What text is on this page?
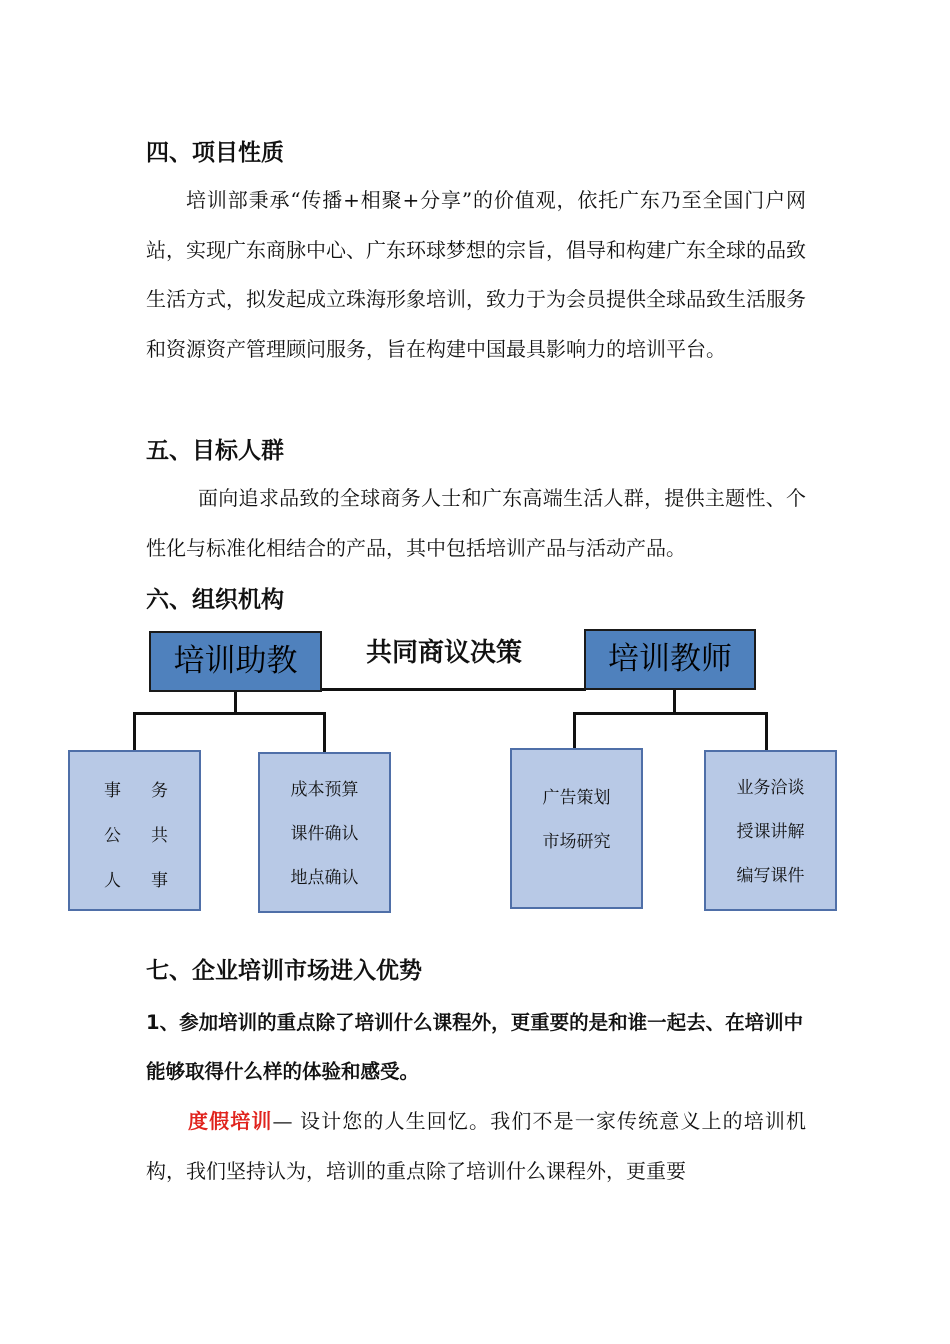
四、项目性质

培训部秉承“传播+相聚+分享”的价值观，依托广东乃至全国门户网站，实现广东商脉中心、广东环球梦想的宗旨，倡导和构建广东全球的品致生活方式，拟发起成立珠海形象培训，致力于为会员提供全球品致生活服务和资源资产管理顾问服务，旨在构建中国最具影响力的培训平台。

五、目标人群

面向追求品致的全球商务人士和广东高端生活人群，提供主题性、个性化与标准化相结合的产品，其中包括培训产品与活动产品。

六、组织机构
共同商议决策
培训助教	培训教师
事 务
公 共
人 事
成本预算
课件确认
地点确认
广告策划
市场研究
业务洽谈
授课讲解
编写课件
七、企业培训市场进入优势

1、参加培训的重点除了培训什么课程外，更重要的是和谁一起去、在培训中能够取得什么样的体验和感受。

度假培训— 设计您的人生回忆。我们不是一家传统意义上的培训机构，我们坚持认为，培训的重点除了培训什么课程外，更重要
